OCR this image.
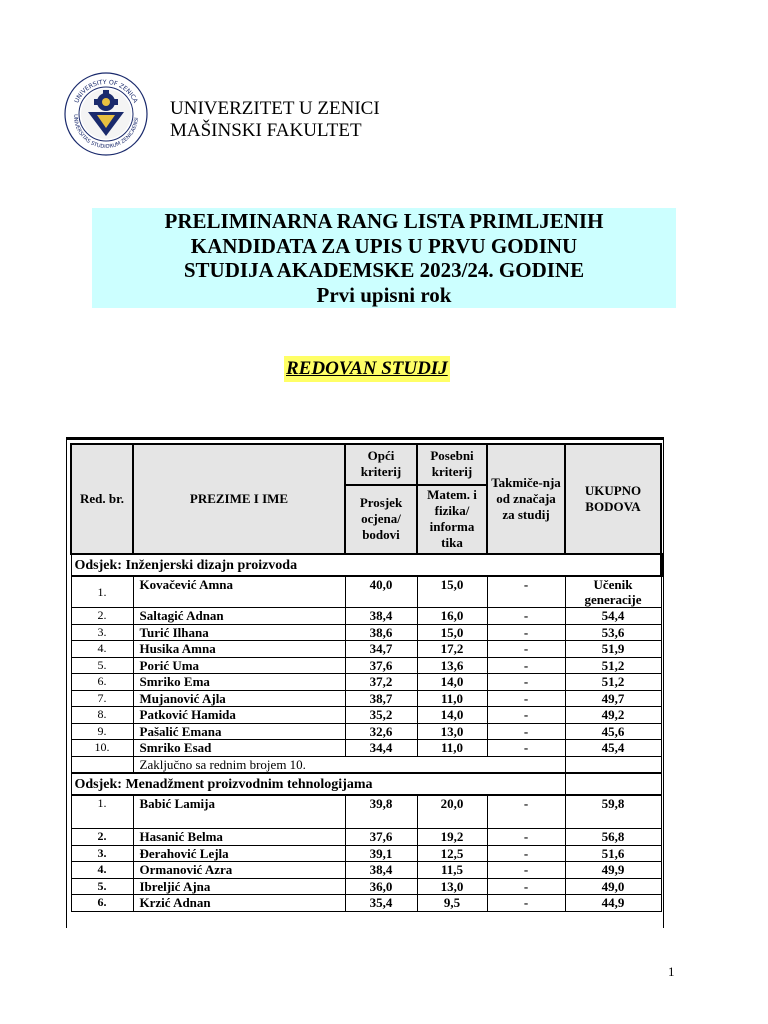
UNIVERSITY OF ZENICA
UNIVERSITAS STUDIORUM ZENICAENSI UNIVERZITET U ZENICI
MAŠINSKI FAKULTET
PRELIMINARNA RANG LISTA PRIMLJENIH
KANDIDATA ZA UPIS U PRVU GODINU
STUDIJA AKADEMSKE 2023/24. GODINE
Prvi upisni rok
REDOVAN STUDIJ
Red. br.	PREZIME I IME	Opći kriterij	Posebni kriterij	Takmiče-nja od značaja za studij	UKUPNO BODOVA
		Prosjek ocjena/ bodovi	Matem. i fizika/ informa tika		
Odsjek: Inženjerski dizajn proizvoda					
1.	Kovačević Amna	40,0	15,0	-	Učenik
generacije

2.	Saltagić Adnan	38,4	16,0	-	54,4
3.	Turić Ilhana	38,6	15,0	-	53,6
4.	Husika Amna	34,7	17,2	-	51,9
5.	Porić Uma	37,6	13,6	-	51,2
6.	Smriko Ema	37,2	14,0	-	51,2
7.	Mujanović Ajla	38,7	11,0	-	49,7
8.	Patković Hamida	35,2	14,0	-	49,2
9.	Pašalić Emana	32,6	13,0	-	45,6
10.	Smriko Esad	34,4	11,0	-	45,4
	Zaključno sa rednim brojem 10.				
Odsjek: Menadžment proizvodnim tehnologijama					
1.	Babić Lamija	39,8	20,0	-	59,8
2.	Hasanić Belma	37,6	19,2	-	56,8
3.	Đerahović Lejla	39,1	12,5	-	51,6
4.	Ormanović Azra	38,4	11,5	-	49,9
5.	Ibreljić Ajna	36,0	13,0	-	49,0
6.	Krzić Adnan	35,4	9,5	-	44,9
1
